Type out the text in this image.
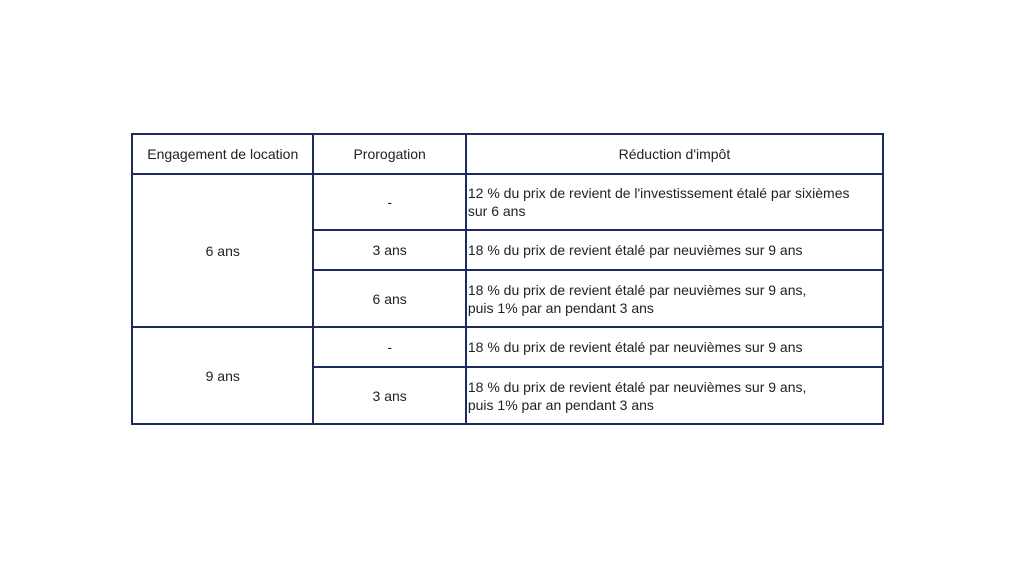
Engagement de location	Prorogation	Réduction d'impôt
6 ans	-	12 % du prix de revient de l'investissement étalé par sixièmes
sur 6 ans

	3 ans	18 % du prix de revient étalé par neuvièmes sur 9 ans

	6 ans	18 % du prix de revient étalé par neuvièmes sur 9 ans,
puis 1% par an pendant 3 ans

9 ans	-	18 % du prix de revient étalé par neuvièmes sur 9 ans

	3 ans	18 % du prix de revient étalé par neuvièmes sur 9 ans,
puis 1% par an pendant 3 ans
